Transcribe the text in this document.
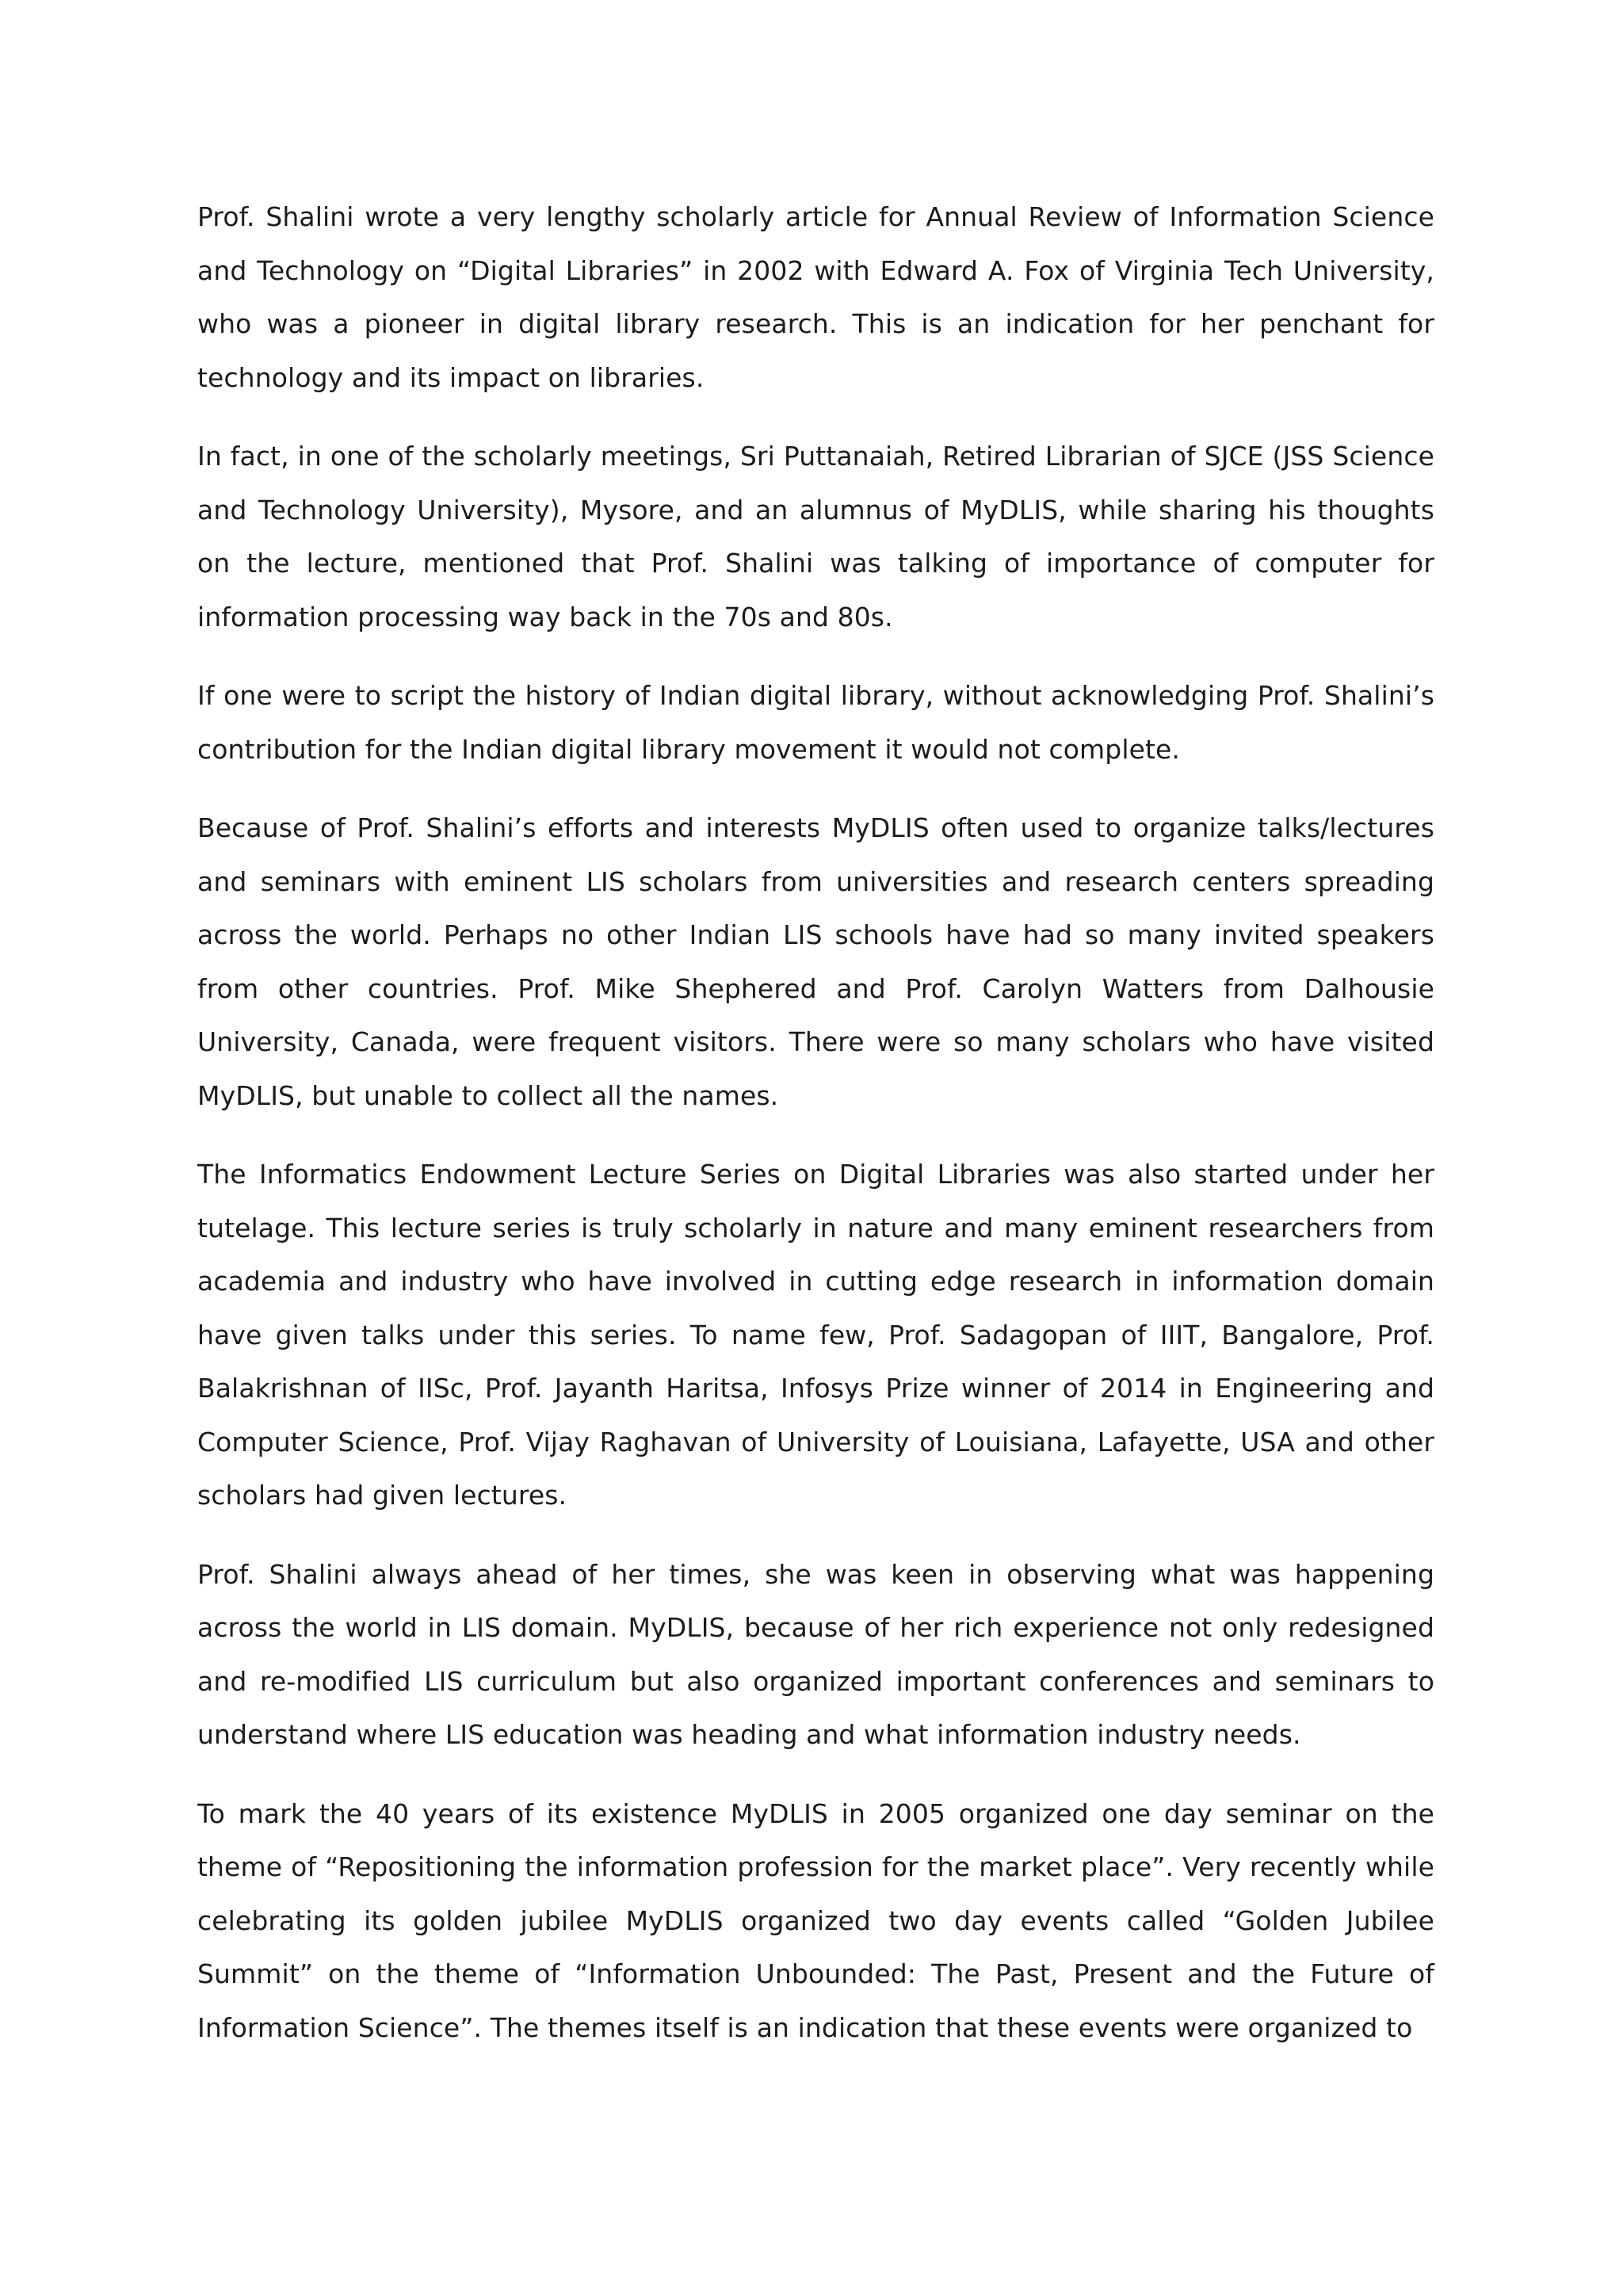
Prof. Shalini wrote a very lengthy scholarly article for Annual Review of Information Science and Technology on “Digital Libraries” in 2002 with Edward A. Fox of Virginia Tech University, who was a pioneer in digital library research. This is an indication for her penchant for technology and its impact on libraries.

In fact, in one of the scholarly meetings, Sri Puttanaiah, Retired Librarian of SJCE (JSS Science and Technology University), Mysore, and an alumnus of MyDLIS, while sharing his thoughts on the lecture, mentioned that Prof. Shalini was talking of importance of computer for information processing way back in the 70s and 80s.

If one were to script the history of Indian digital library, without acknowledging Prof. Shalini’s contribution for the Indian digital library movement it would not complete.

Because of Prof. Shalini’s efforts and interests MyDLIS often used to organize talks/lectures and seminars with eminent LIS scholars from universities and research centers spreading across the world. Perhaps no other Indian LIS schools have had so many invited speakers from other countries. Prof. Mike Shephered and Prof. Carolyn Watters from Dalhousie University, Canada, were frequent visitors. There were so many scholars who have visited MyDLIS, but unable to collect all the names.

The Informatics Endowment Lecture Series on Digital Libraries was also started under her tutelage. This lecture series is truly scholarly in nature and many eminent researchers from academia and industry who have involved in cutting edge research in information domain have given talks under this series. To name few, Prof. Sadagopan of IIIT, Bangalore, Prof. Balakrishnan of IISc, Prof. Jayanth Haritsa, Infosys Prize winner of 2014 in Engineering and Computer Science, Prof. Vijay Raghavan of University of Louisiana, Lafayette, USA and other scholars had given lectures.

Prof. Shalini always ahead of her times, she was keen in observing what was happening across the world in LIS domain. MyDLIS, because of her rich experience not only redesigned and re-modified LIS curriculum but also organized important conferences and seminars to understand where LIS education was heading and what information industry needs.

To mark the 40 years of its existence MyDLIS in 2005 organized one day seminar on the theme of “Repositioning the information profession for the market place”. Very recently while celebrating its golden jubilee MyDLIS organized two day events called “Golden Jubilee Summit” on the theme of “Information Unbounded: The Past, Present and the Future of Information Science”. The themes itself is an indication that these events were organized to
